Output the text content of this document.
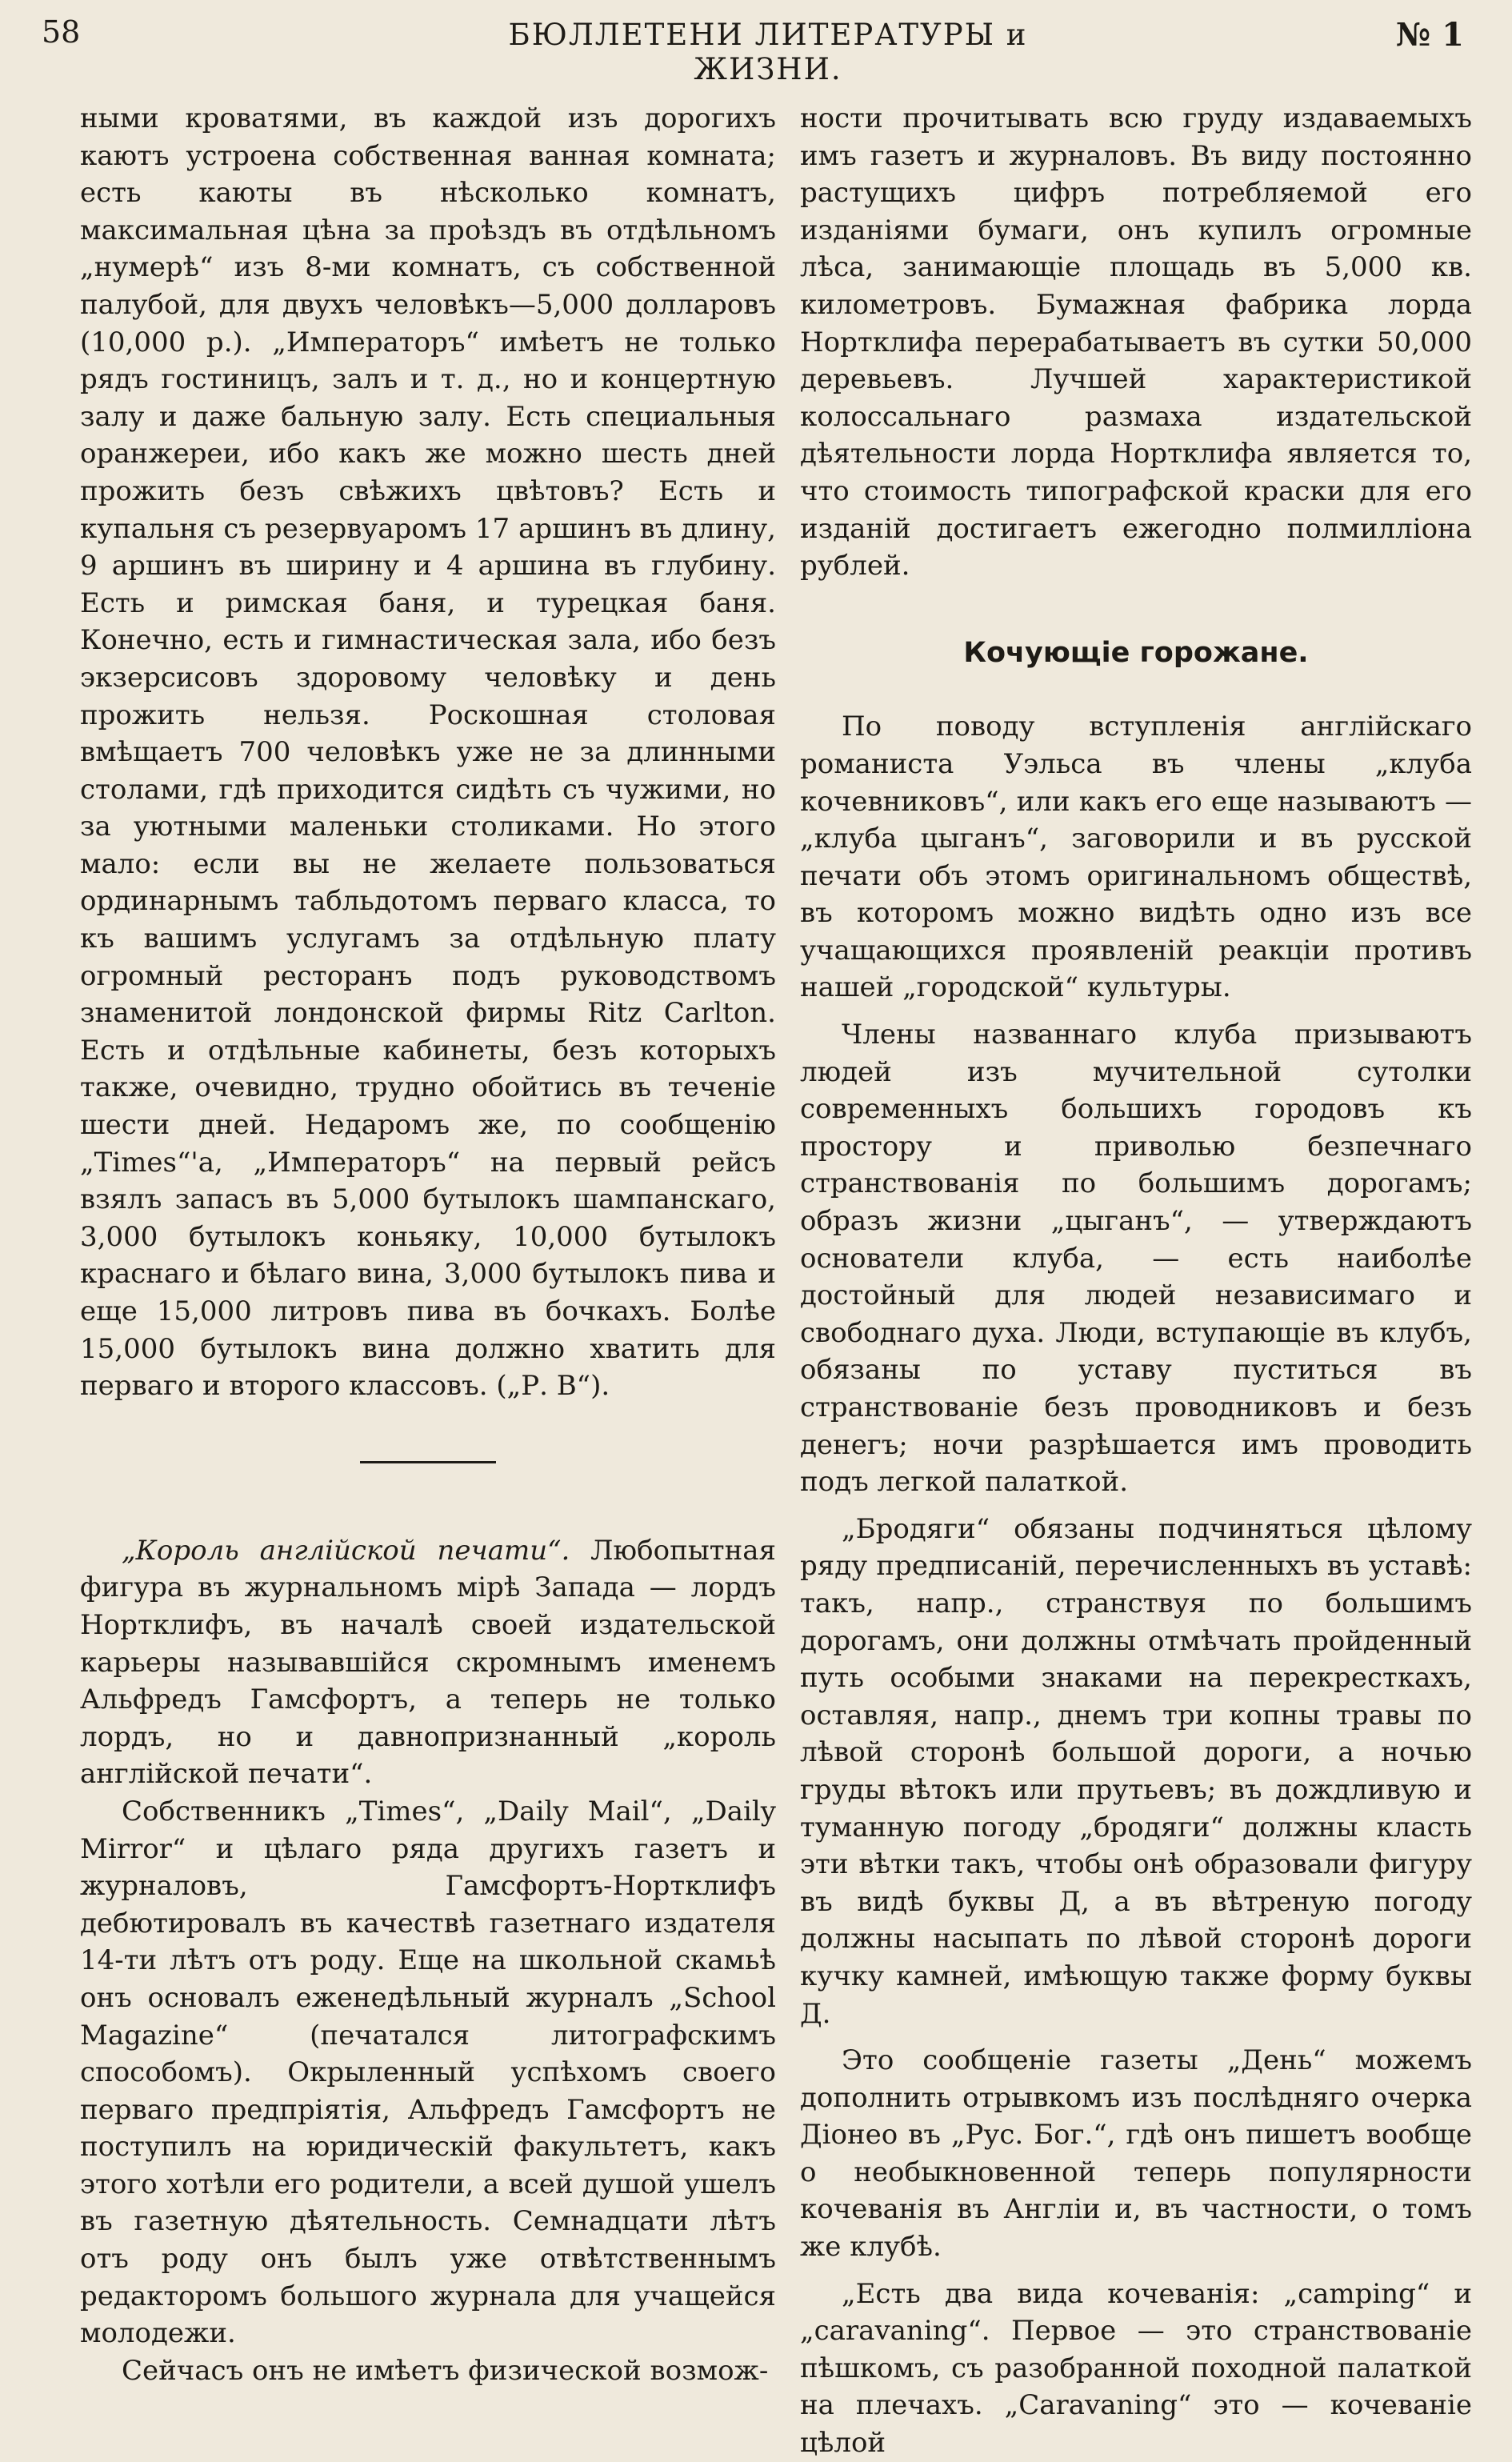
58	БЮЛЛЕТЕНИ ЛИТЕРАТУРЫ и ЖИЗНИ.
№ 1

ными кроватями, въ каждой изъ дорогихъ каютъ устроена собственная ванная комната; есть каюты въ нѣсколько комнатъ, максимальная цѣна за проѣздъ въ отдѣльномъ „нумерѣ“ изъ 8-ми комнатъ, съ собственной палубой, для двухъ человѣкъ—5,000 долларовъ (10,000 р.). „Императоръ“ имѣетъ не только рядъ гостиницъ, залъ и т. д., но и концертную залу и даже бальную залу. Есть специальныя оранжереи, ибо какъ же можно шесть дней прожить безъ свѣжихъ цвѣтовъ? Есть и купальня съ резервуаромъ 17 аршинъ въ длину, 9 аршинъ въ ширину и 4 аршина въ глубину. Есть и римская баня, и турецкая баня. Конечно, есть и гимнастическая зала, ибо безъ экзерсисовъ здоровому человѣку и день прожить нельзя. Роскошная столовая вмѣщаетъ 700 человѣкъ уже не за длинными столами, гдѣ приходится сидѣть съ чужими, но за уютными маленьки столиками. Но этого мало: если вы не желаете пользоваться ординарнымъ табльдотомъ перваго класса, то къ вашимъ услугамъ за отдѣльную плату огромный ресторанъ подъ руководствомъ знаменитой лондонской фирмы Ritz Carlton. Есть и отдѣльные кабинеты, безъ которыхъ также, очевидно, трудно обойтись въ теченіе шести дней. Недаромъ же, по сообщенію „Times“'а, „Императоръ“ на первый рейсъ взялъ запасъ въ 5,000 бутылокъ шампанскаго, 3,000 бутылокъ коньяку, 10,000 бутылокъ краснаго и бѣлаго вина, 3,000 бутылокъ пива и еще 15,000 литровъ пива въ бочкахъ. Болѣе 15,000 бутылокъ вина должно хватить для перваго и второго классовъ. („Р. В“).

„Король англійской печати“. Любопытная фигура въ журнальномъ мірѣ Запада — лордъ Нортклифъ, въ началѣ своей издательской карьеры называвшійся скромнымъ именемъ Альфредъ Гамсфортъ, а теперь не только лордъ, но и давнопризнанный „король англійской печати“.

Собственникъ „Times“, „Daily Mail“, „Daily Mirror“ и цѣлаго ряда другихъ газетъ и журналовъ, Гамсфортъ-Нортклифъ дебютировалъ въ качествѣ газетнаго издателя 14-ти лѣтъ отъ роду. Еще на школьной скамьѣ онъ основалъ еженедѣльный журналъ „School Magazine“ (печатался литографскимъ способомъ). Окрыленный успѣхомъ своего перваго предпріятія, Альфредъ Гамсфортъ не поступилъ на юридическій факультетъ, какъ этого хотѣли его родители, а всей душой ушелъ въ газетную дѣятельность. Семнадцати лѣтъ отъ роду онъ былъ уже отвѣтственнымъ редакторомъ большого журнала для учащейся молодежи.

Сейчасъ онъ не имѣетъ физической возмож-

ности прочитывать всю груду издаваемыхъ имъ газетъ и журналовъ. Въ виду постоянно растущихъ цифръ потребляемой его изданіями бумаги, онъ купилъ огромные лѣса, занимающіе площадь въ 5,000 кв. километровъ. Бумажная фабрика лорда Нортклифа перерабатываетъ въ сутки 50,000 деревьевъ. Лучшей характеристикой колоссальнаго размаха издательской дѣятельности лорда Нортклифа является то, что стоимость типографской краски для его изданій достигаетъ ежегодно полмилліона рублей.

Кочующіе горожане.

По поводу вступленія англійскаго романиста Уэльса въ члены „клуба кочевниковъ“, или какъ его еще называютъ — „клуба цыганъ“, заговорили и въ русской печати объ этомъ оригинальномъ обществѣ, въ которомъ можно видѣть одно изъ все учащающихся проявленій реакціи противъ нашей „городской“ культуры.

Члены названнаго клуба призываютъ людей изъ мучительной сутолки современныхъ большихъ городовъ къ простору и приволью безпечнаго странствованія по большимъ дорогамъ; образъ жизни „цыганъ“, — утверждаютъ основатели клуба, — есть наиболѣе достойный для людей независимаго и свободнаго духа. Люди, вступающіе въ клубъ, обязаны по уставу пуститься въ странствованіе безъ проводниковъ и безъ денегъ; ночи разрѣшается имъ проводить подъ легкой палаткой.

„Бродяги“ обязаны подчиняться цѣлому ряду предписаній, перечисленныхъ въ уставѣ: такъ, напр., странствуя по большимъ дорогамъ, они должны отмѣчать пройденный путь особыми знаками на перекресткахъ, оставляя, напр., днемъ три копны травы по лѣвой сторонѣ большой дороги, а ночью груды вѣтокъ или прутьевъ; въ дождливую и туманную погоду „бродяги“ должны класть эти вѣтки такъ, чтобы онѣ образовали фигуру въ видѣ буквы Д, а въ вѣтреную погоду должны насыпать по лѣвой сторонѣ дороги кучку камней, имѣющую также форму буквы Д.

Это сообщеніе газеты „День“ можемъ дополнить отрывкомъ изъ послѣдняго очерка Діонео въ „Рус. Бог.“, гдѣ онъ пишетъ вообще о необыкновенной теперь популярности кочеванія въ Англіи и, въ частности, о томъ же клубѣ.

„Есть два вида кочеванія: „camping“ и „caravaning“. Первое — это странствованіе пѣшкомъ, съ разобранной походной палаткой на плечахъ. „Caravaning“ это — кочеваніе цѣлой
